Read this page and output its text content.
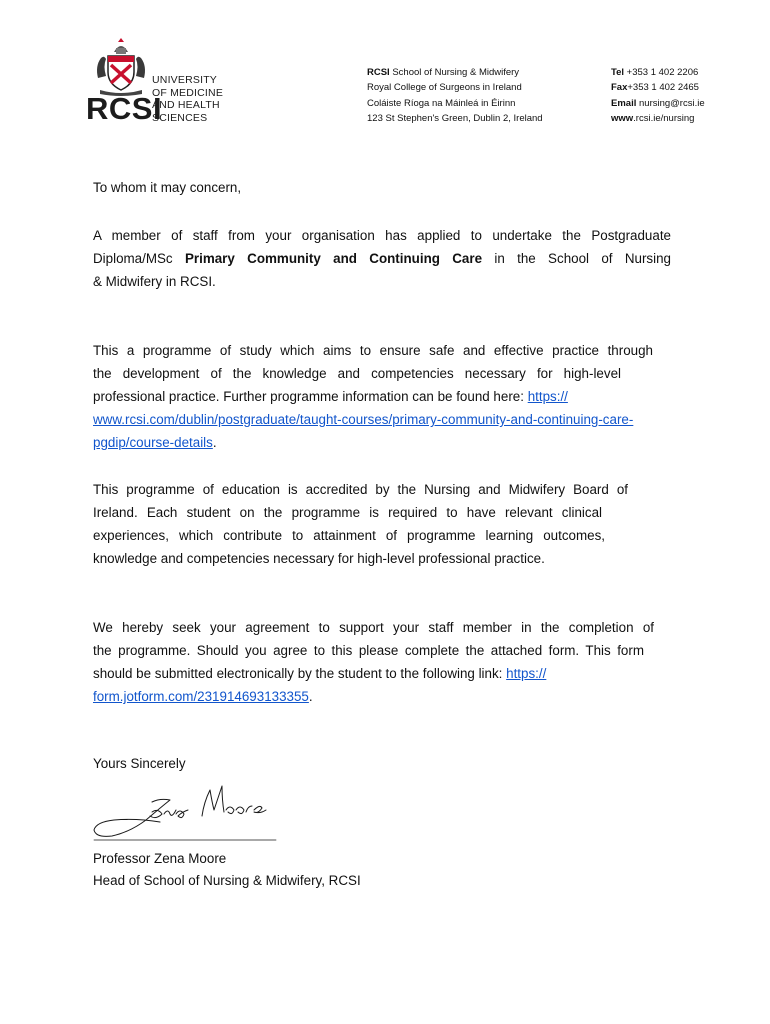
RCSI
UNIVERSITY
OF MEDICINE
AND HEALTH
SCIENCES
RCSI School of Nursing & Midwifery
Royal College of Surgeons in Ireland
Coláiste Ríoga na Máinleá in Éirinn
123 St Stephen's Green, Dublin 2, Ireland
Tel +353 1 402 2206
Fax+353 1 402 2465
Email nursing@rcsi.ie
www.rcsi.ie/nursing
To whom it may concern,
A member of staff from your organisation has applied to undertake the Postgraduate
Diploma/MSc Primary Community and Continuing Care in the School of Nursing
& Midwifery in RCSI.
This a programme of study which aims to ensure safe and effective practice through
the development of the knowledge and competencies necessary for high-level
professional practice. Further programme information can be found here: https://
www.rcsi.com/dublin/postgraduate/taught-courses/primary-community-and-continuing-care-
pgdip/course-details.
This programme of education is accredited by the Nursing and Midwifery Board of
Ireland. Each student on the programme is required to have relevant clinical
experiences, which contribute to attainment of programme learning outcomes,
knowledge and competencies necessary for high-level professional practice.
We hereby seek your agreement to support your staff member in the completion of
the programme. Should you agree to this please complete the attached form. This form
should be submitted electronically by the student to the following link: https://
form.jotform.com/231914693133355.
Yours Sincerely
Professor Zena Moore
Head of School of Nursing & Midwifery, RCSI
